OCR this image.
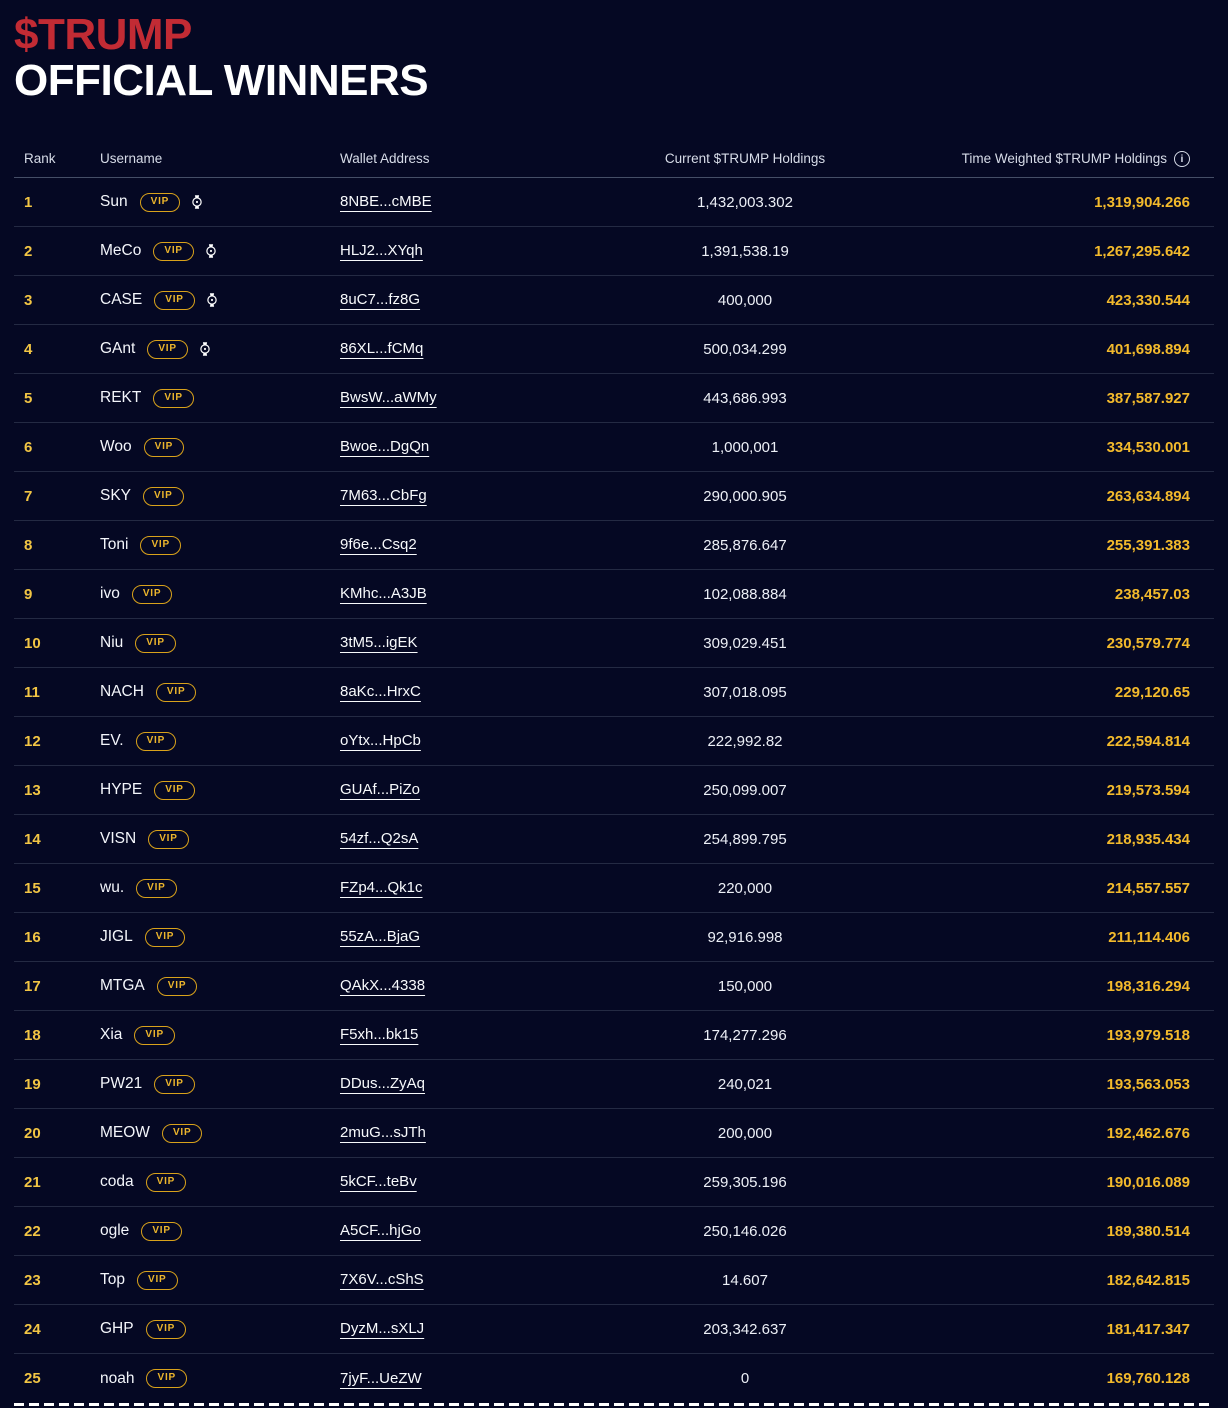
$TRUMP
OFFICIAL WINNERS
Rank	Username	Wallet Address	Current $TRUMP Holdings	Time Weighted $TRUMP Holdings	i
1	Sun	VIP	8NBE...cMBE	1,432,003.302	1,319,904.266
2	MeCo	VIP	HLJ2...XYqh	1,391,538.19	1,267,295.642
3	CASE	VIP	8uC7...fz8G	400,000	423,330.544
4	GAnt	VIP	86XL...fCMq	500,034.299	401,698.894
5	REKT	VIP	BwsW...aWMy	443,686.993	387,587.927
6	Woo	VIP	Bwoe...DgQn	1,000,001	334,530.001
7	SKY	VIP	7M63...CbFg	290,000.905	263,634.894
8	Toni	VIP	9f6e...Csq2	285,876.647	255,391.383
9	ivo	VIP	KMhc...A3JB	102,088.884	238,457.03
10	Niu	VIP	3tM5...igEK	309,029.451	230,579.774
11	NACH	VIP	8aKc...HrxC	307,018.095	229,120.65
12	EV.	VIP	oYtx...HpCb	222,992.82	222,594.814
13	HYPE	VIP	GUAf...PiZo	250,099.007	219,573.594
14	VISN	VIP	54zf...Q2sA	254,899.795	218,935.434
15	wu.	VIP	FZp4...Qk1c	220,000	214,557.557
16	JIGL	VIP	55zA...BjaG	92,916.998	211,114.406
17	MTGA	VIP	QAkX...4338	150,000	198,316.294
18	Xia	VIP	F5xh...bk15	174,277.296	193,979.518
19	PW21	VIP	DDus...ZyAq	240,021	193,563.053
20	MEOW	VIP	2muG...sJTh	200,000	192,462.676
21	coda	VIP	5kCF...teBv	259,305.196	190,016.089
22	ogle	VIP	A5CF...hjGo	250,146.026	189,380.514
23	Top	VIP	7X6V...cShS	14.607	182,642.815
24	GHP	VIP	DyzM...sXLJ	203,342.637	181,417.347
25	noah	VIP	7jyF...UeZW	0	169,760.128
